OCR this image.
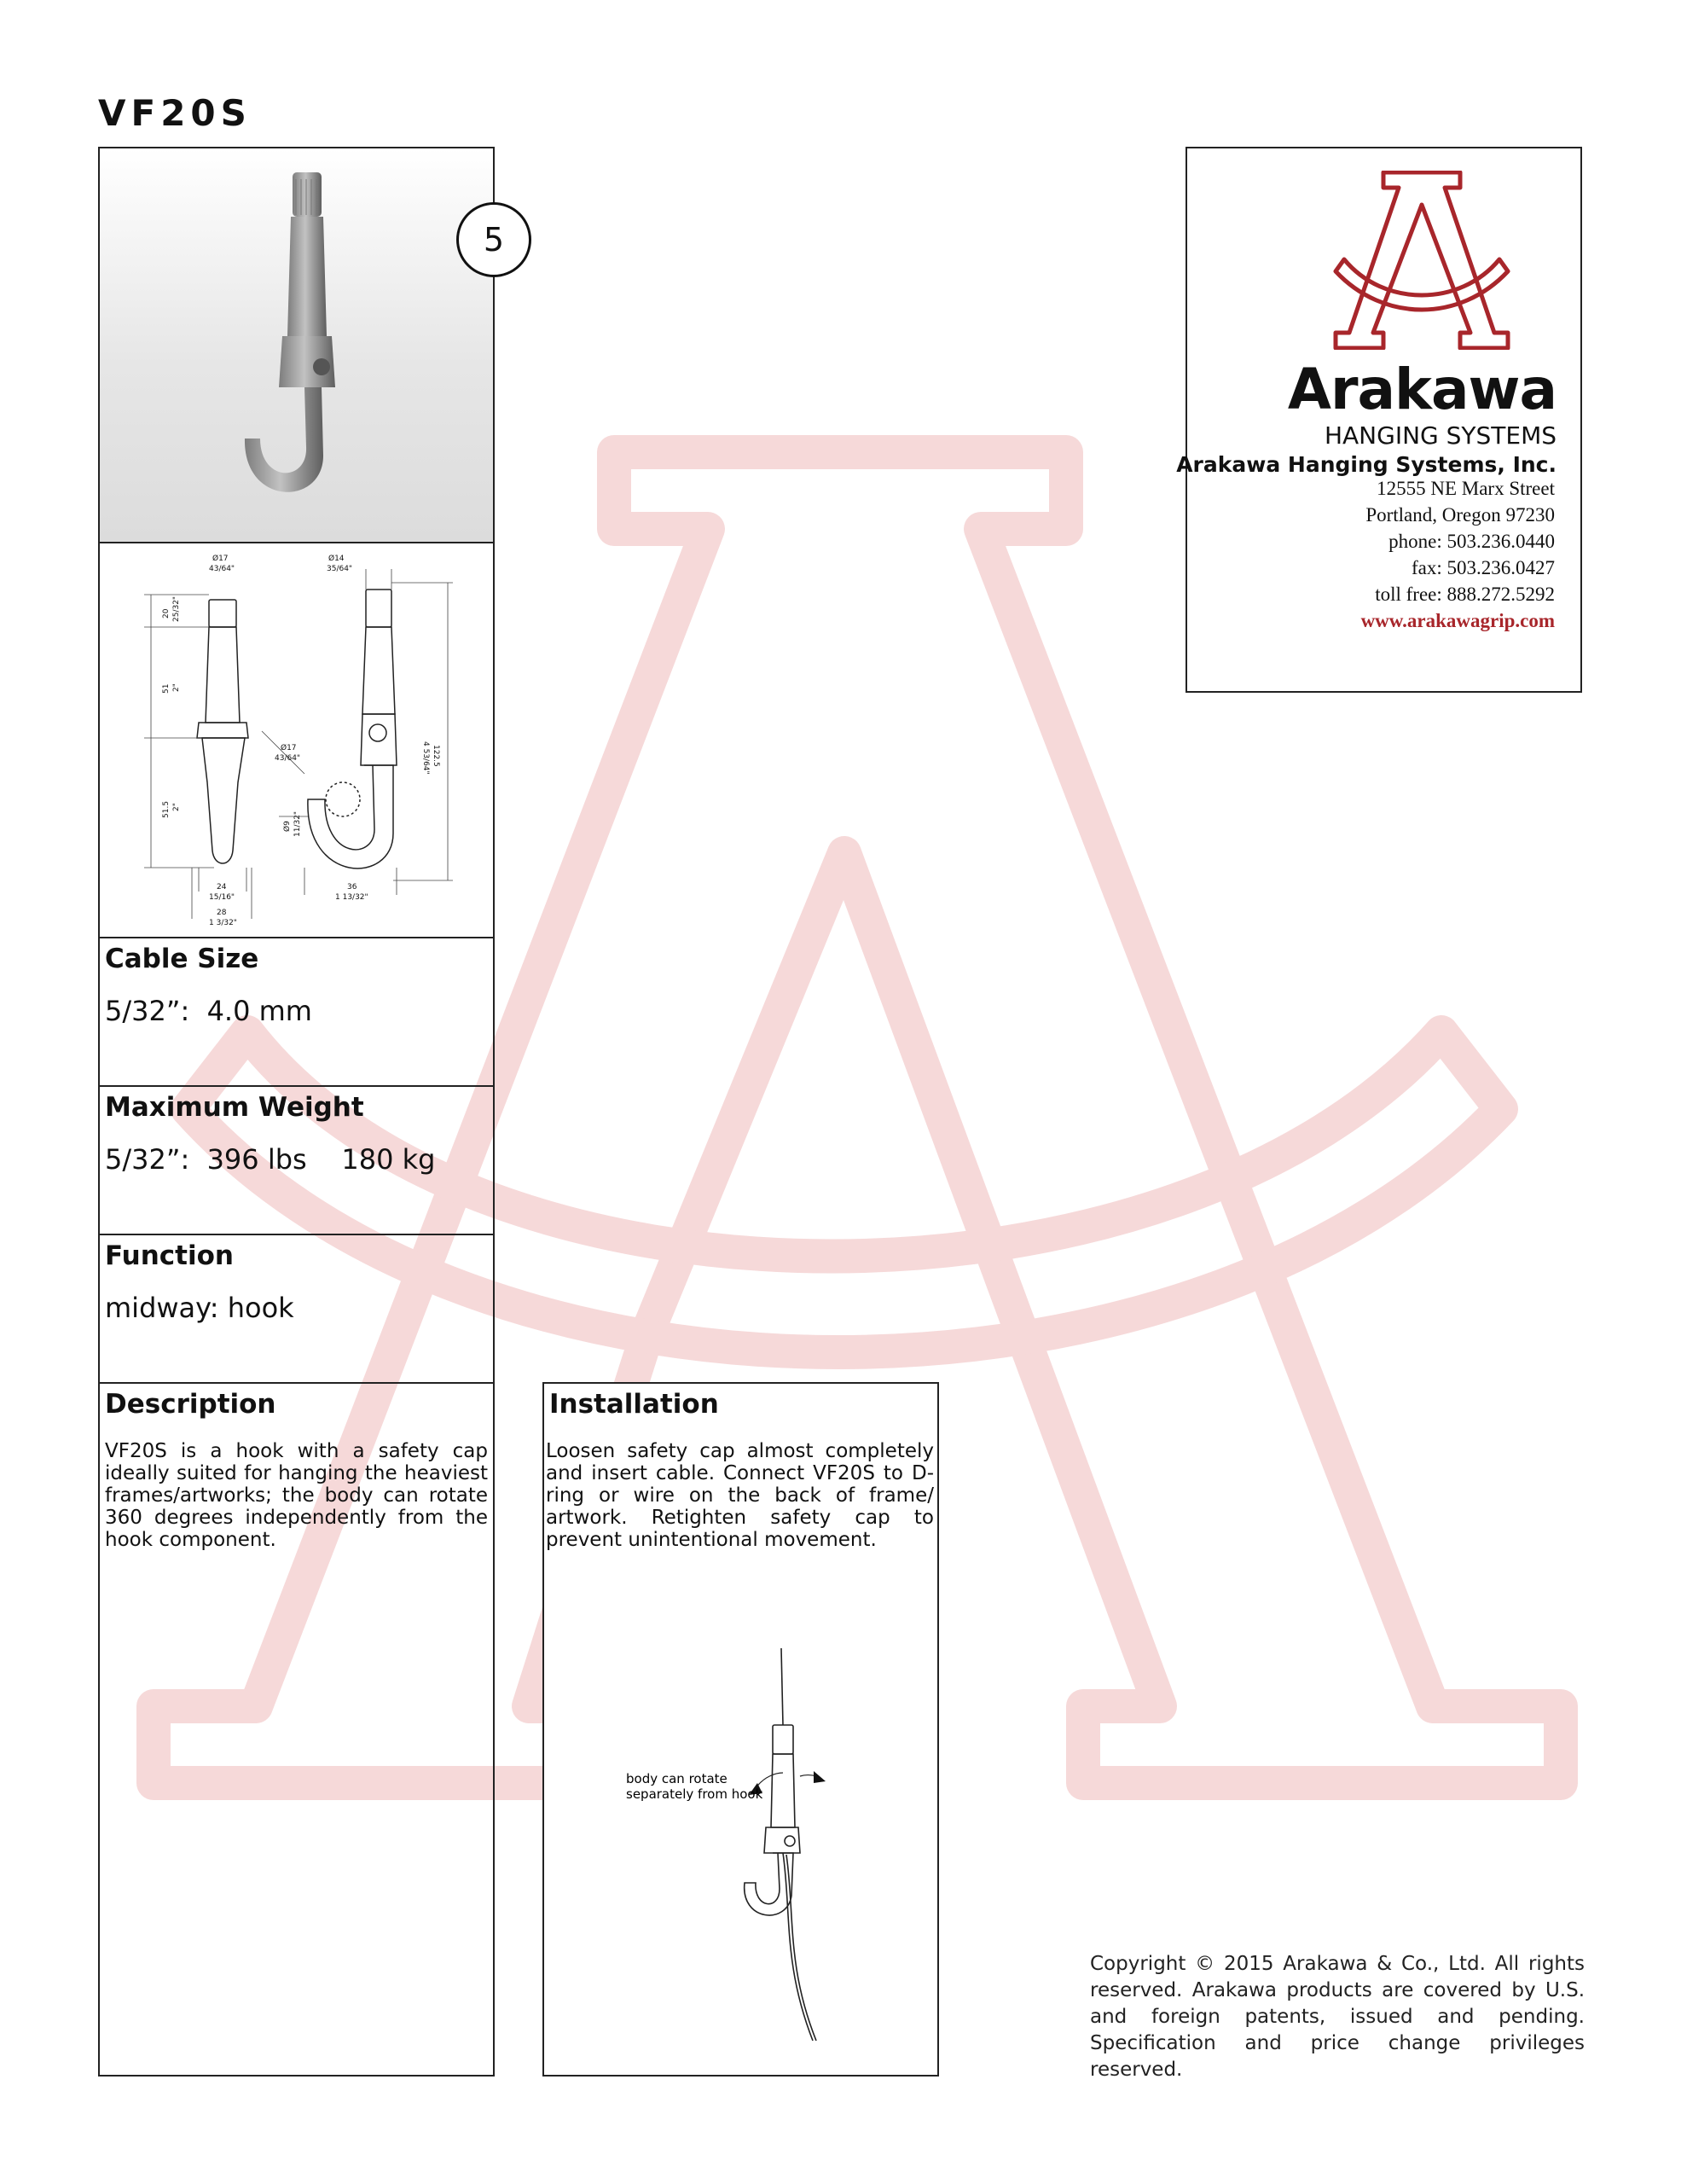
VF20S
5
Ø17
43/64"
Ø14
35/64"
20 25/32"
51 2"
51.5 2"
122.5
4 53/64"
Ø17
43/64"
Ø9 11/32"
24
15/16"
28
1 3/32"
36
1 13/32"
Cable Size
5/32”:  4.0 mm
Maximum Weight
5/32”:  396 lbs    180 kg
Function
midway: hook
Description
VF20S is a hook with a safety cap ideally suited for hanging the heaviest frames/artworks; the body can rotate 360 degrees independently from the hook component.
Installation
Loosen safety cap almost completely and insert cable. Connect VF20S to D-ring or wire on the back of frame/ artwork. Retighten safety cap to prevent unintentional movement.
body can rotate
separately from hook
Arakawa
HANGING SYSTEMS
Arakawa Hanging Systems, Inc.
12555 NE Marx Street
Portland, Oregon 97230
phone: 503.236.0440
fax: 503.236.0427
toll free: 888.272.5292
www.arakawagrip.com
Copyright © 2015 Arakawa & Co., Ltd. All rights reserved. Arakawa products are covered by U.S. and foreign patents, issued and pending. Specification and price change privileges reserved.
